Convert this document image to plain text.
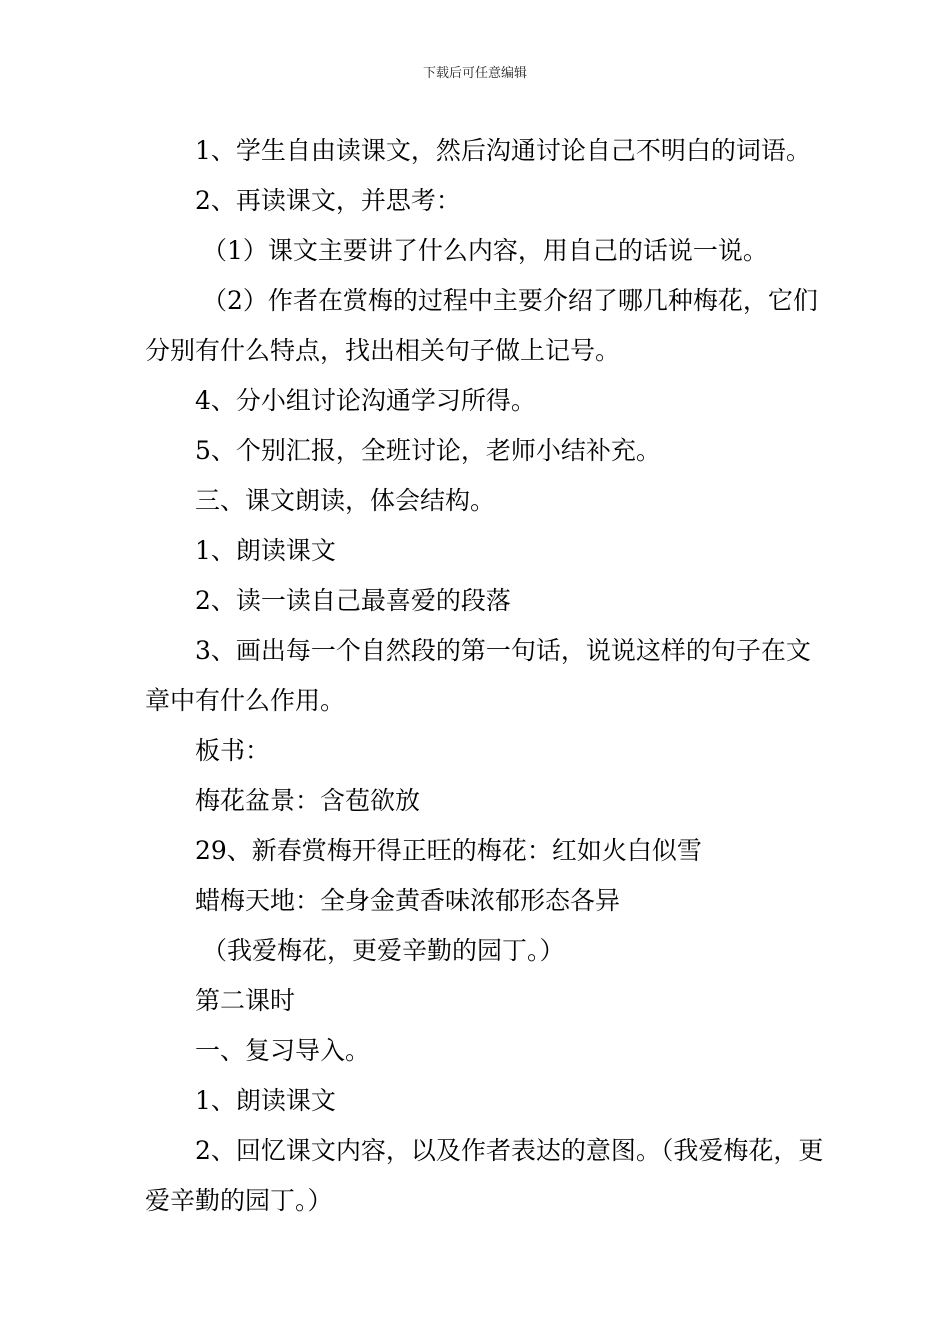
下载后可任意编辑

1、学生自由读课文，然后沟通讨论自己不明白的词语。

2、再读课文，并思考：

（1）课文主要讲了什么内容，用自己的话说一说。

（2）作者在赏梅的过程中主要介绍了哪几种梅花，它们分别有什么特点，找出相关句子做上记号。

4、分小组讨论沟通学习所得。

5、个别汇报，全班讨论，老师小结补充。

三、课文朗读，体会结构。

1、朗读课文

2、读一读自己最喜爱的段落

3、画出每一个自然段的第一句话，说说这样的句子在文章中有什么作用。

板书：

梅花盆景：含苞欲放

29、新春赏梅开得正旺的梅花：红如火白似雪

蜡梅天地：全身金黄香味浓郁形态各异

（我爱梅花，更爱辛勤的园丁。）

第二课时

一、复习导入。

1、朗读课文

2、回忆课文内容，以及作者表达的意图。（我爱梅花，更爱辛勤的园丁。）
